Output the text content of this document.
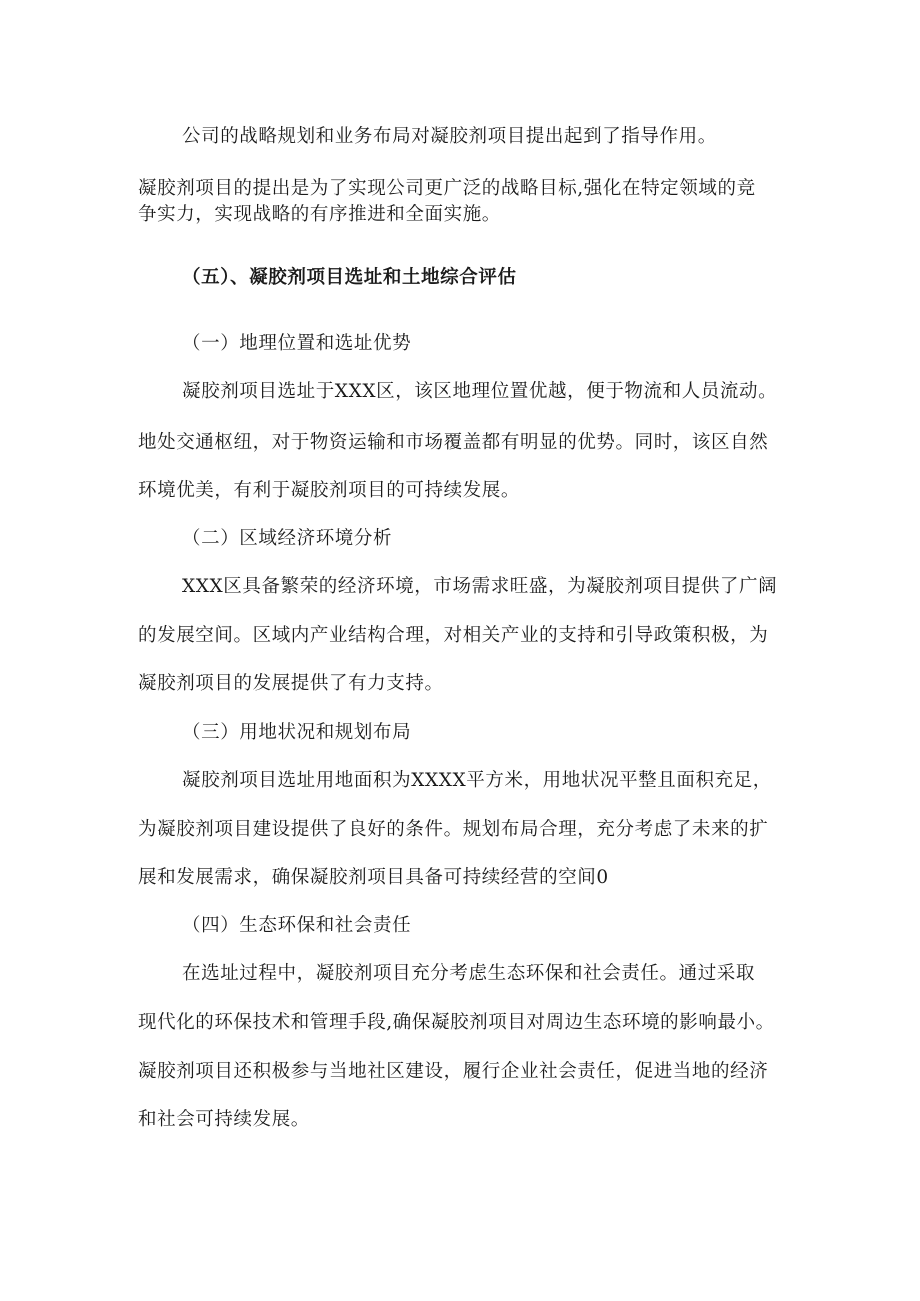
公司的战略规划和业务布局对凝胶剂项目提出起到了指导作用。
凝胶剂项目的提出是为了实现公司更广泛的战略目标,强化在特定领域的竞
争实力，实现战略的有序推进和全面实施。
（五）、凝胶剂项目选址和土地综合评估
（一）地理位置和选址优势
凝胶剂项目选址于XXX区，该区地理位置优越，便于物流和人员流动。
地处交通枢纽，对于物资运输和市场覆盖都有明显的优势。同时，该区自然
环境优美，有利于凝胶剂项目的可持续发展。
（二）区域经济环境分析
XXX区具备繁荣的经济环境，市场需求旺盛，为凝胶剂项目提供了广阔
的发展空间。区域内产业结构合理，对相关产业的支持和引导政策积极，为
凝胶剂项目的发展提供了有力支持。
（三）用地状况和规划布局
凝胶剂项目选址用地面积为XXXX平方米，用地状况平整且面积充足，
为凝胶剂项目建设提供了良好的条件。规划布局合理，充分考虑了未来的扩
展和发展需求，确保凝胶剂项目具备可持续经营的空间0
（四）生态环保和社会责任
在选址过程中，凝胶剂项目充分考虑生态环保和社会责任。通过采取
现代化的环保技术和管理手段,确保凝胶剂项目对周边生态环境的影响最小。
凝胶剂项目还积极参与当地社区建设，履行企业社会责任，促进当地的经济
和社会可持续发展。
